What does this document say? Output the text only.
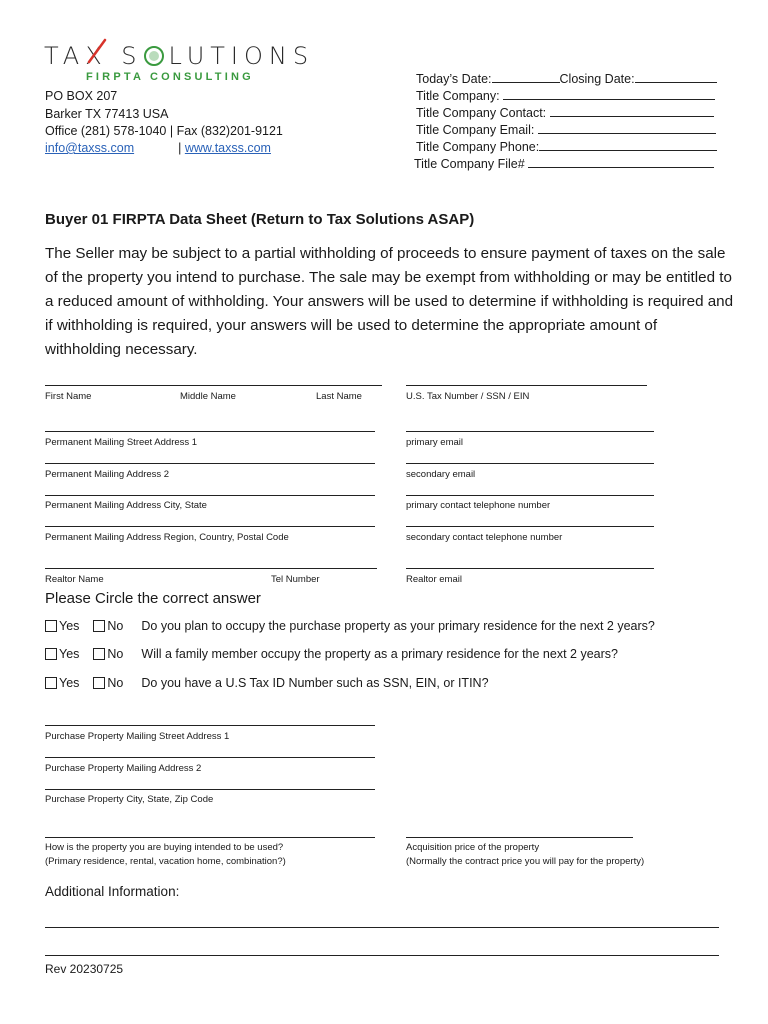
TAX S LUTIONS
FIRPTA CONSULTING
PO BOX 207
Barker TX 77413 USA
Office (281) 578-1040 | Fax (832)201-9121
info@taxss.com	| www.taxss.com
Today’s Date:	Closing Date:
Title Company:
Title Company Contact:
Title Company Email:
Title Company Phone:
Title Company File#
Buyer 01 FIRPTA Data Sheet (Return to Tax Solutions ASAP)
The Seller may be subject to a partial withholding of proceeds to ensure payment of taxes on the sale of the property you intend to purchase. The sale may be exempt from withholding or may be entitled to a reduced amount of withholding. Your answers will be used to determine if withholding is required and if withholding is required, your answers will be used to determine the appropriate amount of withholding necessary.
First Name	Middle Name	Last Name	U.S. Tax Number / SSN / EIN
Permanent Mailing Street Address 1	primary email
Permanent Mailing Address 2	secondary email
Permanent Mailing Address City, State	primary contact telephone number
Permanent Mailing Address Region, Country, Postal Code	secondary contact telephone number
Realtor Name	Tel Number	Realtor email
Please Circle the correct answer
Yes No Do you plan to occupy the purchase property as your primary residence for the next 2 years?
Yes No Will a family member occupy the property as a primary residence for the next 2 years?
Yes No Do you have a U.S Tax ID Number such as SSN, EIN, or ITIN?
Purchase Property Mailing Street Address 1
Purchase Property Mailing Address 2
Purchase Property City, State, Zip Code
How is the property you are buying intended to be used?
(Primary residence, rental, vacation home, combination?)
Acquisition price of the property
(Normally the contract price you will pay for the property)
Additional Information:
Rev 20230725
